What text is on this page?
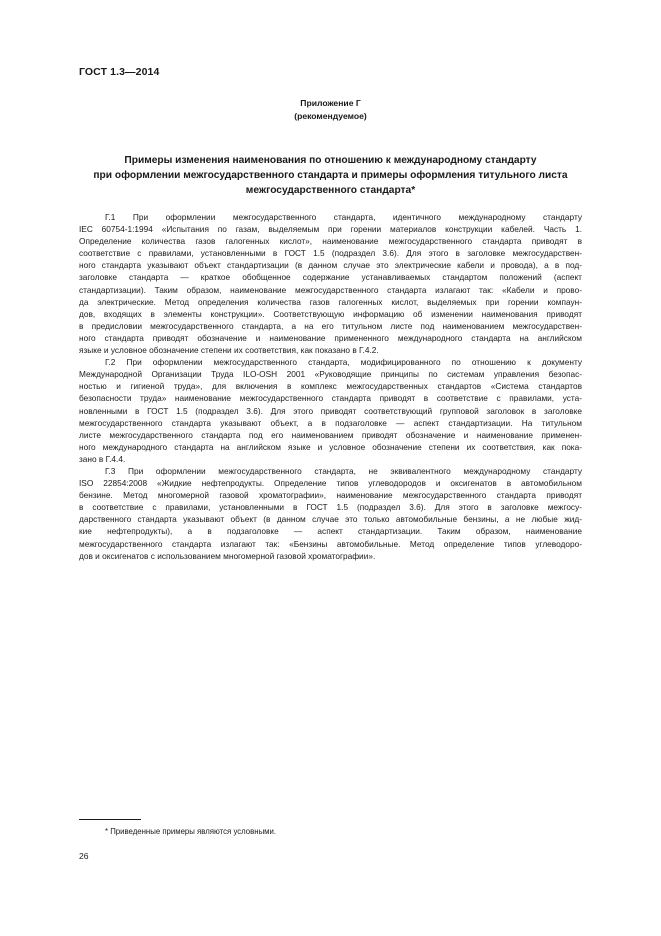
ГОСТ 1.3—2014
Приложение Г
(рекомендуемое)
Примеры изменения наименования по отношению к международному стандарту
при оформлении межгосударственного стандарта и примеры оформления титульного листа
межгосударственного стандарта*
Г.1 При оформлении межгосударственного стандарта, идентичного международному стандарту
IEC 60754-1:1994 «Испытания по газам, выделяемым при горении материалов конструкции кабелей. Часть 1.
Определение количества газов галогенных кислот», наименование межгосударственного стандарта приводят в
соответствие с правилами, установленными в ГОСТ 1.5 (подраздел 3.6). Для этого в заголовке межгосударствен-
ного стандарта указывают объект стандартизации (в данном случае это электрические кабели и провода), а в под-
заголовке стандарта — краткое обобщенное содержание устанавливаемых стандартом положений (аспект
стандартизации). Таким образом, наименование межгосударственного стандарта излагают так: «Кабели и прово-
да электрические. Метод определения количества газов галогенных кислот, выделяемых при горении компаун-
дов, входящих в элементы конструкции». Соответствующую информацию об изменении наименования приводят
в предисловии межгосударственного стандарта, а на его титульном листе под наименованием межгосударствен-
ного стандарта приводят обозначение и наименование примененного международного стандарта на английском
языке и условное обозначение степени их соответствия, как показано в Г.4.2.
Г.2 При оформлении межгосударственного стандарта, модифицированного по отношению к документу
Международной Организации Труда ILO-OSH 2001 «Руководящие принципы по системам управления безопас-
ностью и гигиеной труда», для включения в комплекс межгосударственных стандартов «Система стандартов
безопасности труда» наименование межгосударственного стандарта приводят в соответствие с правилами, уста-
новленными в ГОСТ 1.5 (подраздел 3.6). Для этого приводят соответствующий групповой заголовок в заголовке
межгосударственного стандарта указывают объект, а в подзаголовке — аспект стандартизации. На титульном
листе межгосударственного стандарта под его наименованием приводят обозначение и наименование применен-
ного международного стандарта на английском языке и условное обозначение степени их соответствия, как пока-
зано в Г.4.4.
Г.3 При оформлении межгосударственного стандарта, не эквивалентного международному стандарту
ISO 22854:2008 «Жидкие нефтепродукты. Определение типов углеводородов и оксигенатов в автомобильном
бензине. Метод многомерной газовой хроматографии», наименование межгосударственного стандарта приводят
в соответствие с правилами, установленными в ГОСТ 1.5 (подраздел 3.6). Для этого в заголовке межгосу-
дарственного стандарта указывают объект (в данном случае это только автомобильные бензины, а не любые жид-
кие нефтепродукты), а в подзаголовке — аспект стандартизации. Таким образом, наименование
межгосударственного стандарта излагают так: «Бензины автомобильные. Метод определение типов углеводоро-
дов и оксигенатов с использованием многомерной газовой хроматографии».
* Приведенные примеры являются условными.
26
